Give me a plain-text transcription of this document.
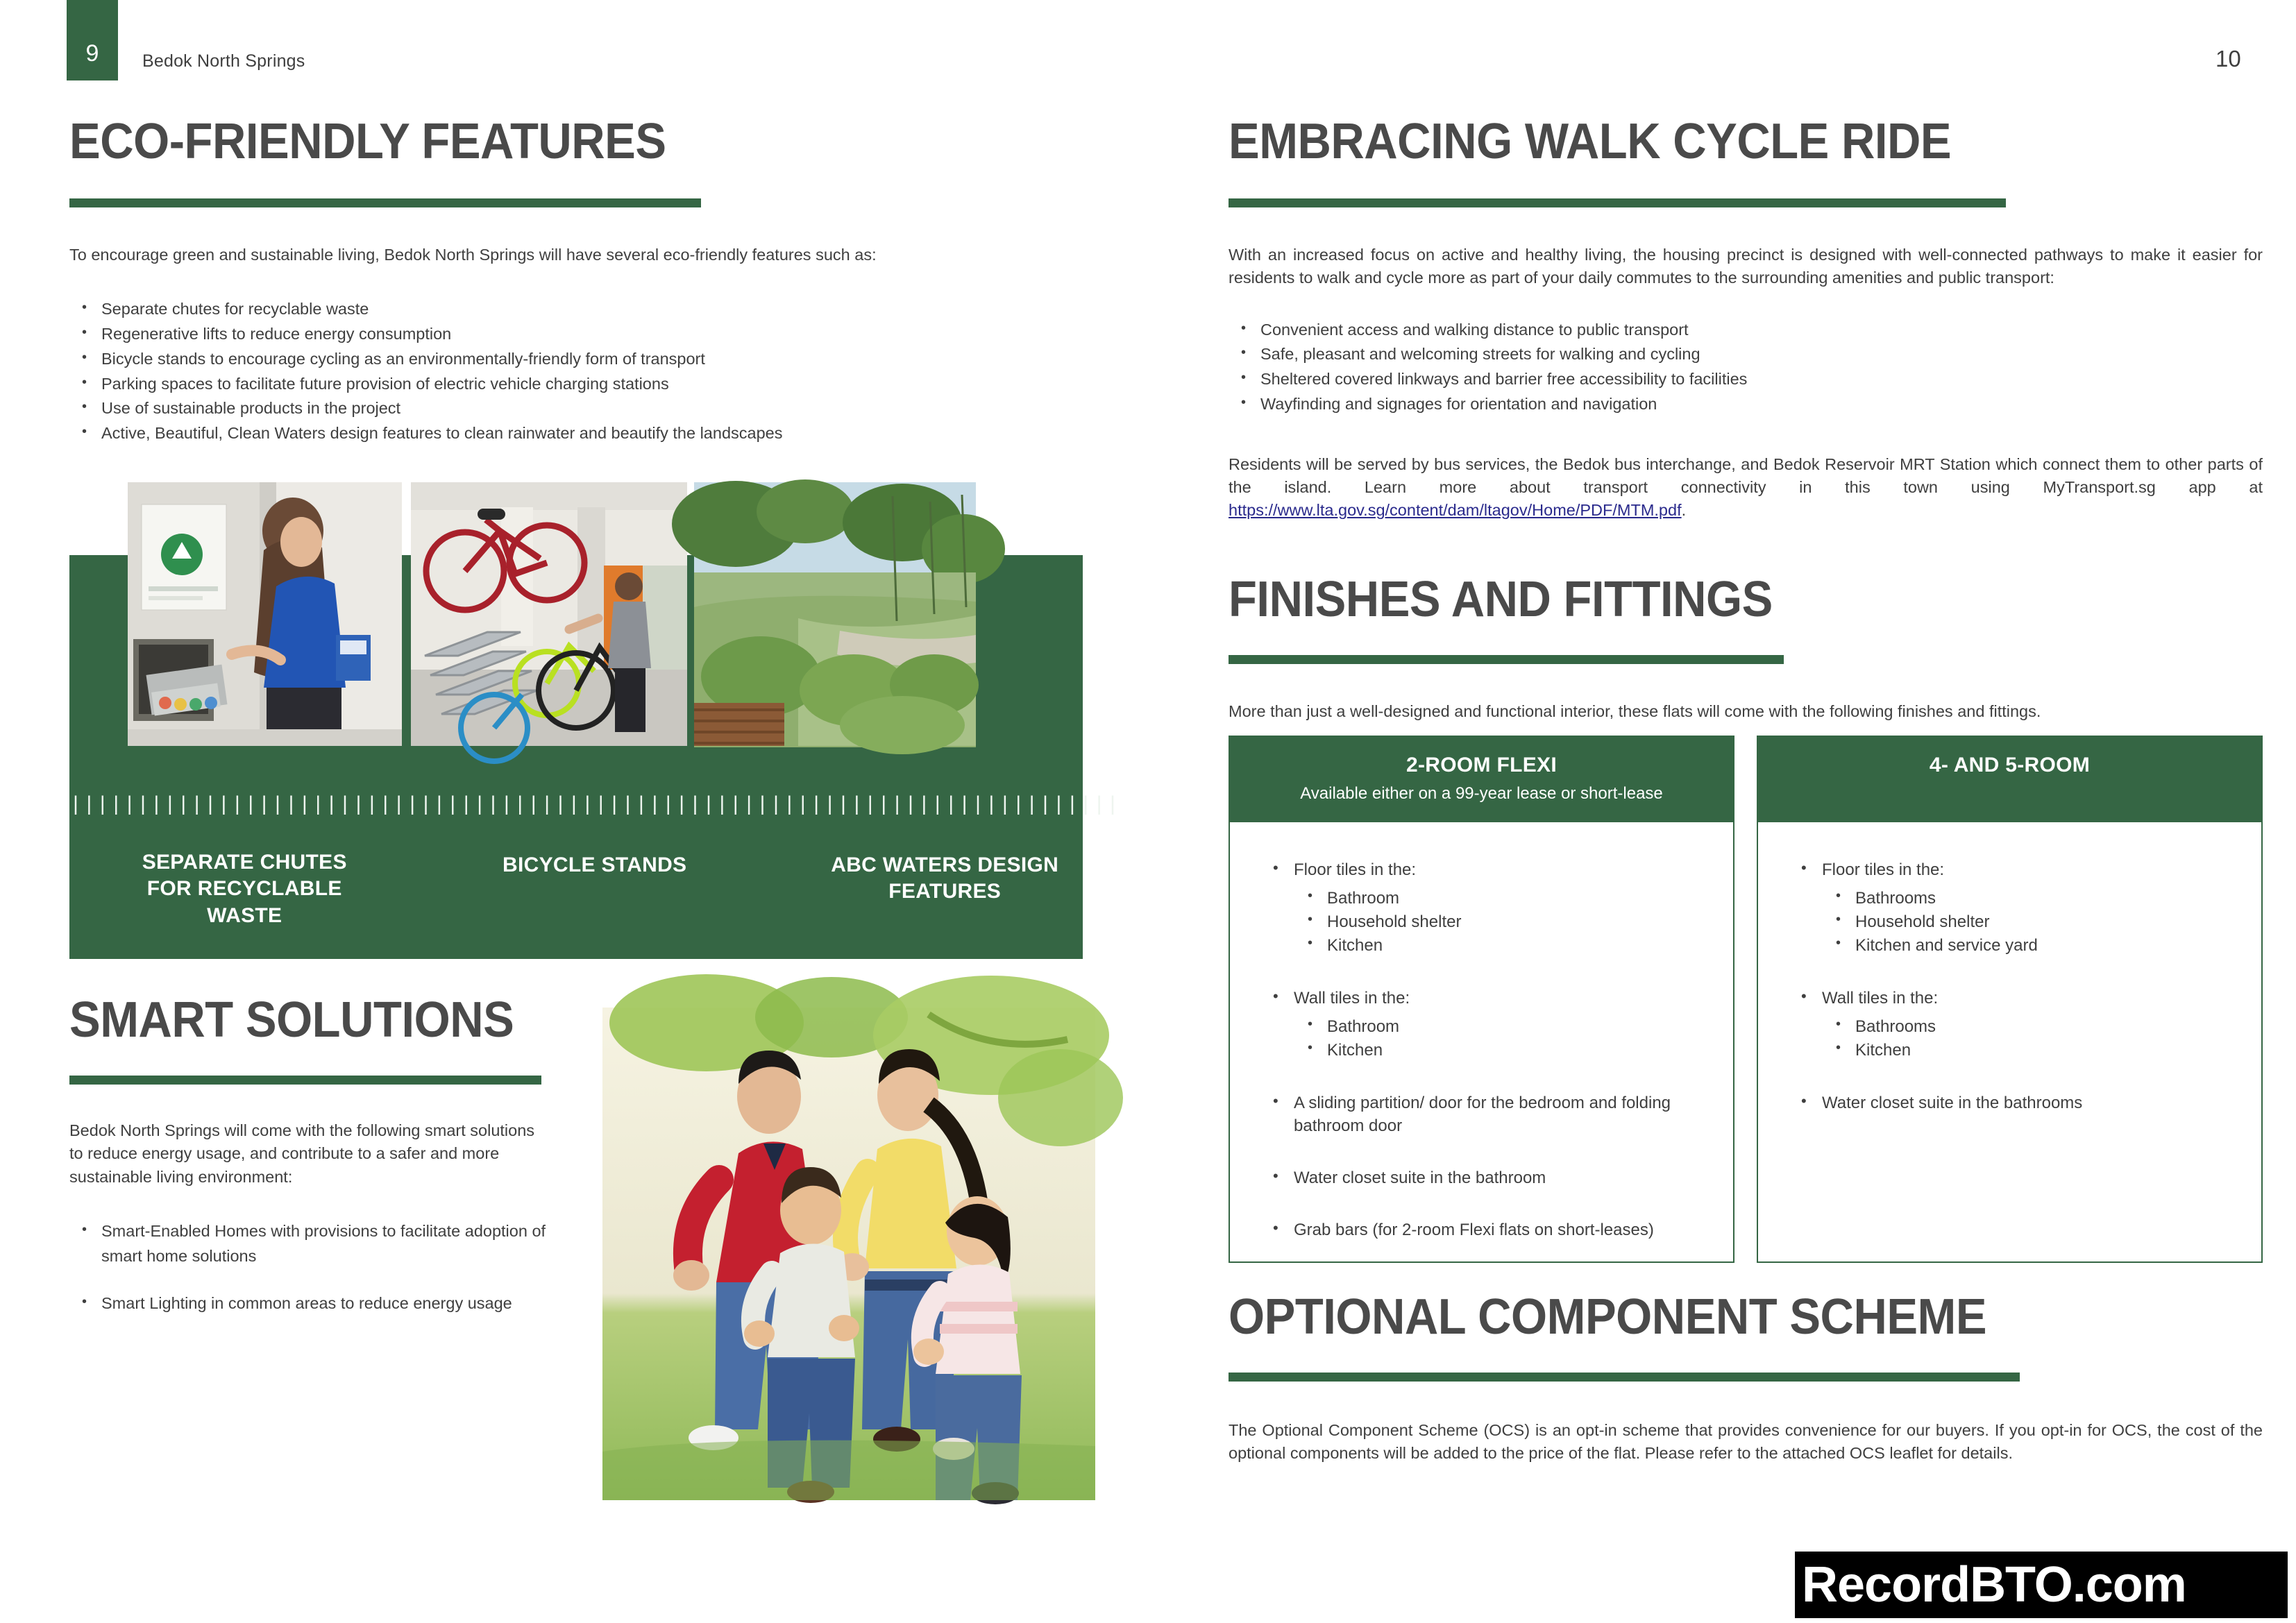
9	Bedok North Springs	10
ECO-FRIENDLY FEATURES
To encourage green and sustainable living, Bedok North Springs will have several eco-friendly features such as:
• Separate chutes for recyclable waste
• Regenerative lifts to reduce energy consumption
• Bicycle stands to encourage cycling as an environmentally-friendly form of transport
• Parking spaces to facilitate future provision of electric vehicle charging stations
• Use of sustainable products in the project
• Active, Beautiful, Clean Waters design features to clean rainwater and beautify the landscapes
||||||||||||||||||||||||||
SEPARATE CHUTES FOR RECYCLABLE WASTE
||||||||||||||||||||||||||
BICYCLE STANDS
||||||||||||||||||||||||||
ABC WATERS DESIGN FEATURES
SMART SOLUTIONS
Bedok North Springs will come with the following smart solutions to reduce energy usage, and contribute to a safer and more sustainable living environment:
• Smart-Enabled Homes with provisions to facilitate adoption of smart home solutions
• Smart Lighting in common areas to reduce energy usage
EMBRACING WALK CYCLE RIDE
With an increased focus on active and healthy living, the housing precinct is designed with well-connected pathways to make it easier for residents to walk and cycle more as part of your daily commutes to the surrounding amenities and public transport:
• Convenient access and walking distance to public transport
• Safe, pleasant and welcoming streets for walking and cycling
• Sheltered covered linkways and barrier free accessibility to facilities
• Wayfinding and signages for orientation and navigation
Residents will be served by bus services, the Bedok bus interchange, and Bedok Reservoir MRT Station which connect them to other parts of the island. Learn more about transport connectivity in this town using MyTransport.sg app at https://www.lta.gov.sg/content/dam/ltagov/Home/PDF/MTM.pdf.
FINISHES AND FITTINGS
More than just a well-designed and functional interior, these flats will come with the following finishes and fittings.
2-ROOM FLEXI
Available either on a 99-year lease or short-lease
• Floor tiles in the:
• Bathroom
• Household shelter
• Kitchen
• Wall tiles in the:
• Bathroom
• Kitchen
• A sliding partition/ door for the bedroom and folding bathroom door
• Water closet suite in the bathroom
• Grab bars (for 2-room Flexi flats on short-leases)
4- AND 5-ROOM
• Floor tiles in the:
• Bathrooms
• Household shelter
• Kitchen and service yard
• Wall tiles in the:
• Bathrooms
• Kitchen
• Water closet suite in the bathrooms
OPTIONAL COMPONENT SCHEME
The Optional Component Scheme (OCS) is an opt-in scheme that provides convenience for our buyers. If you opt-in for OCS, the cost of the optional components will be added to the price of the flat. Please refer to the attached OCS leaflet for details.
RecordBTO.com
